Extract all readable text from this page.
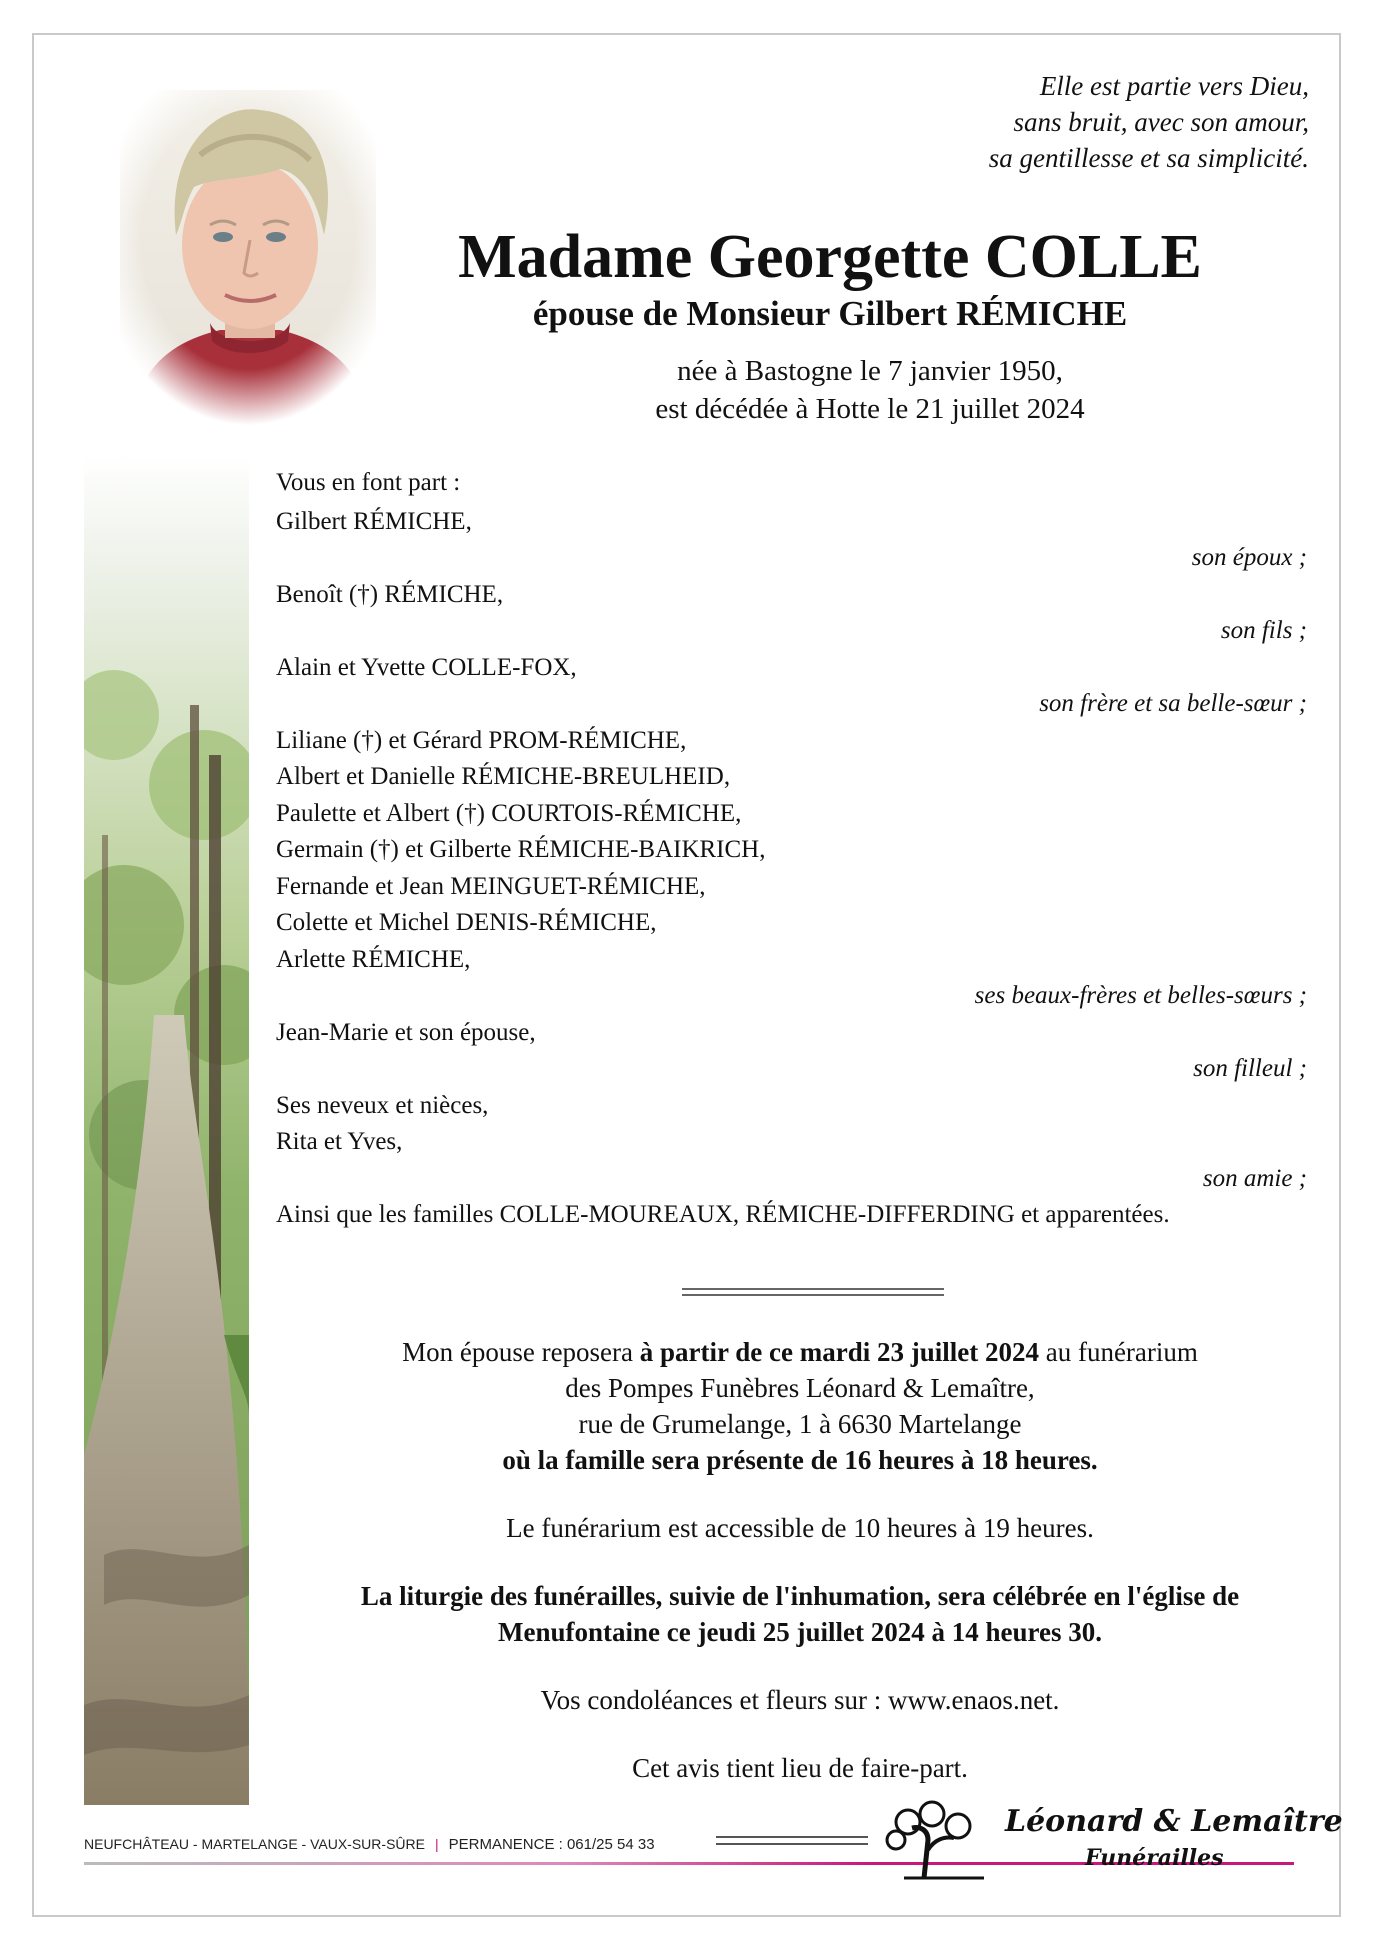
Elle est partie vers Dieu,
sans bruit, avec son amour,
sa gentillesse et sa simplicité.
Madame Georgette COLLE
épouse de Monsieur Gilbert RÉMICHE
née à Bastogne le 7 janvier 1950,
est décédée à Hotte le 21 juillet 2024
Vous en font part :
Gilbert RÉMICHE,
son époux ;
Benoît (†) RÉMICHE,
son fils ;
Alain et Yvette COLLE-FOX,
son frère et sa belle-sœur ;
Liliane (†) et Gérard PROM-RÉMICHE,
Albert et Danielle RÉMICHE-BREULHEID,
Paulette et Albert (†) COURTOIS-RÉMICHE,
Germain (†) et Gilberte RÉMICHE-BAIKRICH,
Fernande et Jean MEINGUET-RÉMICHE,
Colette et Michel DENIS-RÉMICHE,
Arlette RÉMICHE,
ses beaux-frères et belles-sœurs ;
Jean-Marie et son épouse,
son filleul ;
Ses neveux et nièces,
Rita et Yves,
son amie ;
Ainsi que les familles COLLE-MOUREAUX, RÉMICHE-DIFFERDING et apparentées.
Mon épouse reposera à partir de ce mardi 23 juillet 2024 au funérarium
des Pompes Funèbres Léonard & Lemaître,
rue de Grumelange, 1 à 6630 Martelange
où la famille sera présente de 16 heures à 18 heures.
Le funérarium est accessible de 10 heures à 19 heures.
La liturgie des funérailles, suivie de l'inhumation, sera célébrée en l'église de
Menufontaine ce jeudi 25 juillet 2024 à 14 heures 30.
Vos condoléances et fleurs sur : www.enaos.net.
Cet avis tient lieu de faire-part.
NEUFCHÂTEAU - MARTELANGE - VAUX-SUR-SÛRE | PERMANENCE : 061/25 54 33
Léonard & Lemaître
Funérailles
